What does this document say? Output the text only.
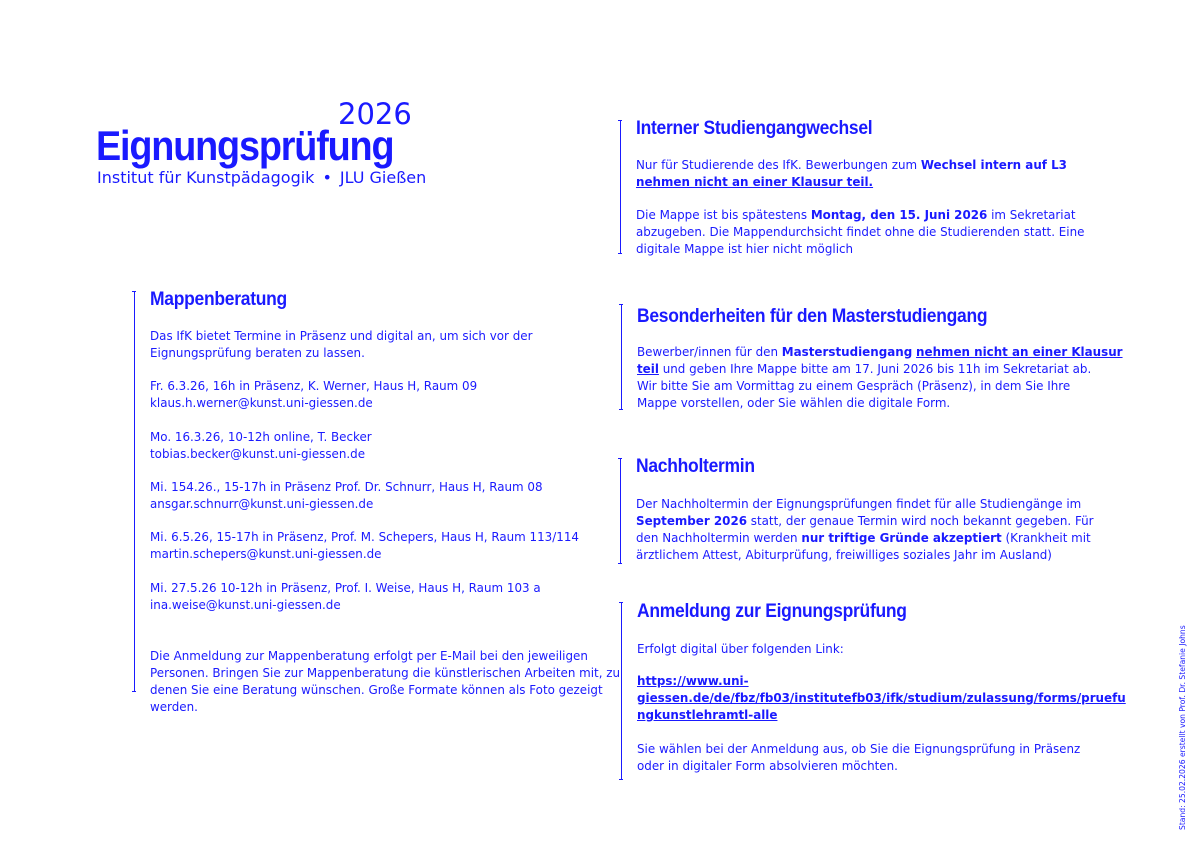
2026
Eignungsprüfung
Institut für Kunstpädagogik • JLU Gießen
Mappenberatung
Das IfK bietet Termine in Präsenz und digital an, um sich vor der
Eignungsprüfung beraten zu lassen.
Fr. 6.3.26, 16h in Präsenz, K. Werner, Haus H, Raum 09
klaus.h.werner@kunst.uni-giessen.de
Mo. 16.3.26, 10-12h online, T. Becker
tobias.becker@kunst.uni-giessen.de
Mi. 154.26., 15-17h in Präsenz Prof. Dr. Schnurr, Haus H, Raum 08
ansgar.schnurr@kunst.uni-giessen.de
Mi. 6.5.26, 15-17h in Präsenz, Prof. M. Schepers, Haus H, Raum 113/114
martin.schepers@kunst.uni-giessen.de
Mi. 27.5.26 10-12h in Präsenz, Prof. I. Weise, Haus H, Raum 103 a
ina.weise@kunst.uni-giessen.de
Die Anmeldung zur Mappenberatung erfolgt per E-Mail bei den jeweiligen
Personen. Bringen Sie zur Mappenberatung die künstlerischen Arbeiten mit, zu
denen Sie eine Beratung wünschen. Große Formate können als Foto gezeigt
werden.
Interner Studiengangwechsel
Nur für Studierende des IfK. Bewerbungen zum Wechsel intern auf L3
nehmen nicht an einer Klausur teil.
Die Mappe ist bis spätestens Montag, den 15. Juni 2026 im Sekretariat
abzugeben. Die Mappendurchsicht findet ohne die Studierenden statt. Eine
digitale Mappe ist hier nicht möglich
Besonderheiten für den Masterstudiengang
Bewerber/innen für den Masterstudiengang nehmen nicht an einer Klausur
teil und geben Ihre Mappe bitte am 17. Juni 2026 bis 11h im Sekretariat ab.
Wir bitte Sie am Vormittag zu einem Gespräch (Präsenz), in dem Sie Ihre
Mappe vorstellen, oder Sie wählen die digitale Form.
Nachholtermin
Der Nachholtermin der Eignungsprüfungen findet für alle Studiengänge im
September 2026 statt, der genaue Termin wird noch bekannt gegeben. Für
den Nachholtermin werden nur triftige Gründe akzeptiert (Krankheit mit
ärztlichem Attest, Abiturprüfung, freiwilliges soziales Jahr im Ausland)
Anmeldung zur Eignungsprüfung
Erfolgt digital über folgenden Link:
https://www.uni-
giessen.de/de/fbz/fb03/institutefb03/ifk/studium/zulassung/forms/pruefu
ngkunstlehramtl-alle
Sie wählen bei der Anmeldung aus, ob Sie die Eignungsprüfung in Präsenz
oder in digitaler Form absolvieren möchten.	Stand: 25.02.2026 erstellt von Prof. Dr. Stefanie Johns
